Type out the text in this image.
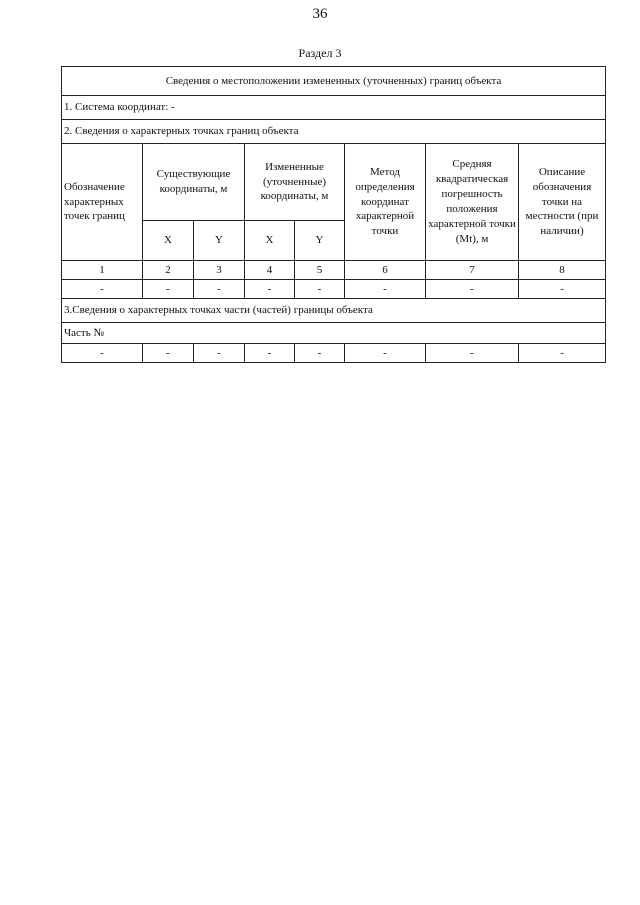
36
Раздел 3
Сведения о местоположении измененных (уточненных) границ объекта							
1. Система координат: -							
2. Сведения о характерных точках границ объекта							
Обозначение характерных точек границ	Существующие координаты, м		Измененные (уточненные) координаты, м		Метод определения координат характерной точки	Средняя квадратическая погрешность положения характерной точки (Mt), м	Описание обозначения точки на местности (при наличии)
	X	Y	X	Y			
1	2	3	4	5	6	7	8
-	-	-	-	-	-	-	-
3.Сведения о характерных точках части (частей) границы объекта							
Часть №							
-	-	-	-	-	-	-	-
